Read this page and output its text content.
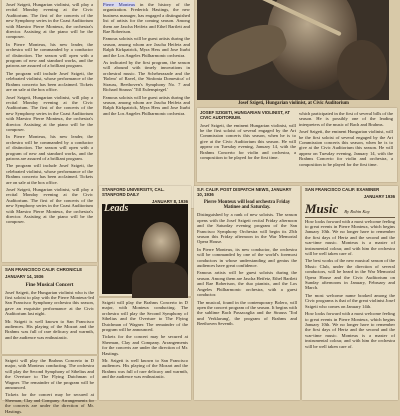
Josef Szigeti, Hungarian violinist, will play a recital Monday evening at the Civic Auditorium. The first of the concerts of the new Symphony series in the Coast Auditorium with Maestro Pierre Monteux, the orchestra's director. Assisting at the piano will be the composer.

In Pierre Monteux, his new leader, the orchestra will be commanded by a conductor of distinction. The season will open with a program of new and standard works, and the patrons are assured of a brilliant program.

The program will include Josef Szigeti, the celebrated violinist, whose performance of the Brahms concerto has been acclaimed. Tickets are on sale at the box office.

Josef Szigeti, Hungarian violinist, will play a recital Monday evening at the Civic Auditorium. The first of the concerts of the new Symphony series in the Coast Auditorium with Maestro Pierre Monteux, the orchestra's director. Assisting at the piano will be the composer.

In Pierre Monteux, his new leader, the orchestra will be commanded by a conductor of distinction. The season will open with a program of new and standard works, and the patrons are assured of a brilliant program.

The program will include Josef Szigeti, the celebrated violinist, whose performance of the Brahms concerto has been acclaimed. Tickets are on sale at the box office.

Josef Szigeti, Hungarian violinist, will play a recital Monday evening at the Civic Auditorium. The first of the concerts of the new Symphony series in the Coast Auditorium with Maestro Pierre Monteux, the orchestra's director. Assisting at the piano will be the composer.

Pierre Monteux in the history of the organization. Frederick Hastings, the new business manager, has engaged a distinguished list of artists for the coming season. Among them are Jascha Heifetz and Ethel Bartlett and Rae Robertson.

Famous soloists will be guest artists during the season, among whom are Jascha Heifetz and Ralph Kirkpatrick, Myra Hess and Jose Iturbi and the Los Angeles Philharmonic orchestra.

As indicated by the first program, the season will abound with timely innovations in orchestral music. The Scheherazade and the 'Bolero' of Ravel, the 'Sinfonia Domestica' of Strauss, Beethoven's Symphony No. 7 and Richard Strauss' 'Till Eulenspiegel.'

Famous soloists will be guest artists during the season, among whom are Jascha Heifetz and Ralph Kirkpatrick, Myra Hess and Jose Iturbi and the Los Angeles Philharmonic orchestra.

Josef Szigeti, Hungarian violinist, at Civic Auditorium
JOSEF SZIGETI, HUNGARIAN VIOLINIST, AT CIVIC AUDITORIUM.

Josef Szigeti, the eminent Hungarian violinist, will be the first soloist of several engaged by the Art Commission concerts this season, when he is to give at the Civic Auditorium this season. He will appear on Tuesday evening, January 14, with the Brahms Concerto for violin and orchestra, a composition to be played for the first time.

which participated in the first of several bills of the season. He is possibly one of the leading interpreters of the music of Bach and Brahms.

Josef Szigeti, the eminent Hungarian violinist, will be the first soloist of several engaged by the Art Commission concerts this season, when he is to give at the Civic Auditorium this season. He will appear on Tuesday evening, January 14, with the Brahms Concerto for violin and orchestra, a composition to be played for the first time.

STANFORD UNIVERSITY, CAL. STANFORD DAILY
JANUARY 8, 1936
Leads
S.F. CALIF. POST DISPATCH NEWS, JANUARY 10, 1936
Pierre Monteux will lead orchestra Friday Matinee and Saturday.

Distinguished by a rank of new soloists. The season opens with the Josef Szigeti recital Friday afternoon and the Saturday evening program of the San Francisco Symphony Orchestra will begin its 25th season this Friday afternoon in the War Memorial Opera House.

In Pierre Monteux, its new conductor, the orchestra will be commanded by one of the world's foremost conductors in whose understanding and genius the audiences have great confidence.

Famous artists will be guest soloists during the season. Among them are Jascha Heifetz, Ethel Bartlett and Rae Robertson, the duo pianists, and the Los Angeles Philharmonic orchestra, with a guest conductor.

The musical, found in the contemporary Bolero, will open the concert program of the season. It begins with the sublime Bach Passacaglia and the Strauss 'Tod und Verklarung', the program of Brahms and Beethoven Seventh.

SAN FRANCISCO CALIF. EXAMINER
JANUARY 1936
Music By Robin Kay

How looks forward with a most welcome feeling to great events in Pierre Monteux, which begins January 10th. We no longer have to remember the first days of Hertz and the second and the war-time music. Monteux is a master of instrumental colour, and with him the orchestra will be well taken care of.

The best works of the new musical season of the Music Club, under the direction of several conductors, will be heard in the War Memorial Opera House and the Civic Auditorium on Sunday afternoons in January, February and March.

The most welcome name booked among the Civic programs is that of the great violinist Josef Szigeti who comes on January 14th.

How looks forward with a most welcome feeling to great events in Pierre Monteux, which begins January 10th. We no longer have to remember the first days of Hertz and the second and the war-time music. Monteux is a master of instrumental colour, and with him the orchestra will be well taken care of.

SAN FRANCISCO CALIF. CHRONICLE
JANUARY 14, 1936
Fine Musical Concert

Josef Szigeti, the Hungarian violinist who is the first soloist to play with the Pierre Monteux-led San Francisco Symphony orchestra this season, gave an exquisite performance at the Civic Auditorium last night.

Mr. Szigeti is well known to San Francisco audiences. His playing of the Mozart and the Brahms was full of rare delicacy and warmth, and the audience was enthusiastic.

Szigeti will play the Brahms Concerto in D major, with Monteux conducting. The orchestra will play the Second Symphony of Sibelius and the Overture to The Flying Dutchman of Wagner. The remainder of the program will be announced.

Tickets for the concert may be secured at Sherman, Clay and Company. Arrangements for the concerts are under the direction of Mr. Hastings.

Szigeti will play the Brahms Concerto in D major, with Monteux conducting. The orchestra will play the Second Symphony of Sibelius and the Overture to The Flying Dutchman of Wagner. The remainder of the program will be announced.

Tickets for the concert may be secured at Sherman, Clay and Company. Arrangements for the concerts are under the direction of Mr. Hastings.

Mr. Szigeti is well known to San Francisco audiences. His playing of the Mozart and the Brahms was full of rare delicacy and warmth, and the audience was enthusiastic.
